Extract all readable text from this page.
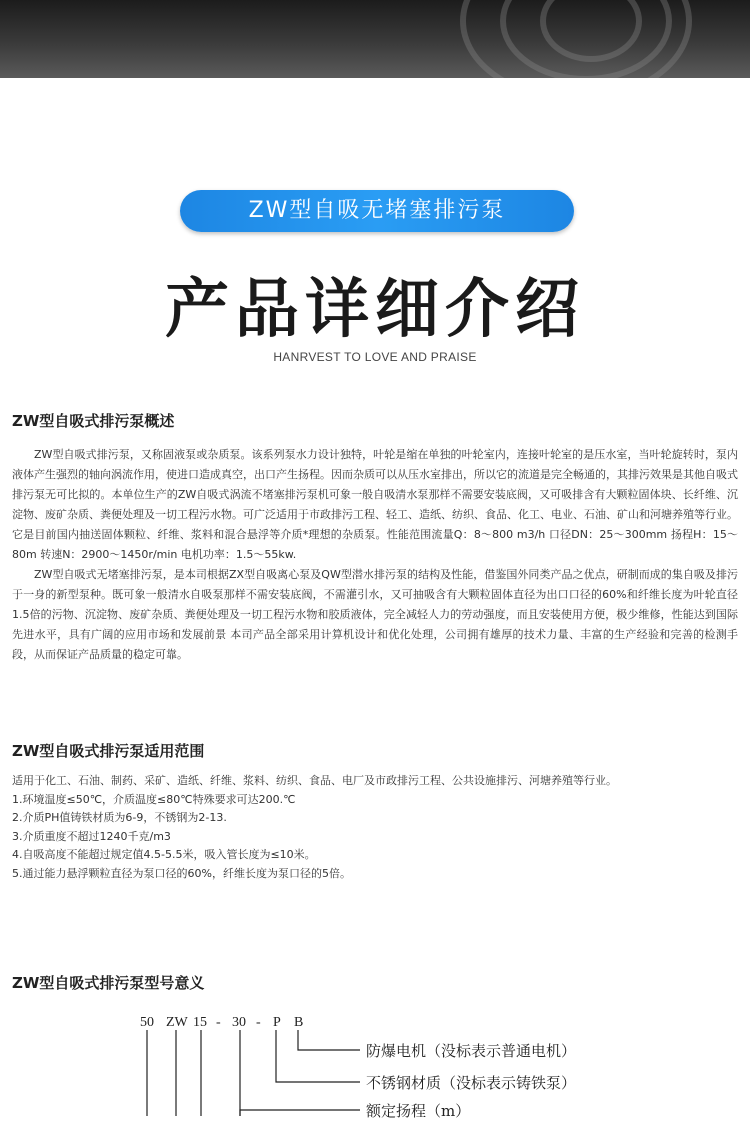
ZW型自吸无堵塞排污泵
产品详细介绍
HANRVEST TO LOVE AND PRAISE
ZW型自吸式排污泵概述

ZW型自吸式排污泵，又称固液泵或杂质泵。该系列泵水力设计独特，叶轮是缩在单独的叶轮室内，连接叶轮室的是压水室，当叶轮旋转时，泵内液体产生强烈的轴向涡流作用，使进口造成真空，出口产生扬程。因而杂质可以从压水室排出，所以它的流道是完全畅通的，其排污效果是其他自吸式排污泵无可比拟的。本单位生产的ZW自吸式涡流不堵塞排污泵机可象一般自吸清水泵那样不需要安装底阀，又可吸排含有大颗粒固体块、长纤维、沉淀物、废矿杂质、粪便处理及一切工程污水物。可广泛适用于市政排污工程、轻工、造纸、纺织、食品、化工、电业、石油、矿山和河塘养殖等行业。它是目前国内抽送固体颗粒、纤维、浆料和混合悬浮等介质*理想的杂质泵。性能范围流量Q：8～800 m3/h 口径DN：25～300mm 扬程H：15～80m 转速N：2900～1450r/min 电机功率：1.5～55kw.

ZW型自吸式无堵塞排污泵，是本司根据ZX型自吸离心泵及QW型潜水排污泵的结构及性能，借鉴国外同类产品之优点，研制而成的集自吸及排污于一身的新型泵种。既可象一般清水自吸泵那样不需安装底阀，不需灌引水，又可抽吸含有大颗粒固体直径为出口口径的60%和纤维长度为叶轮直径1.5倍的污物、沉淀物、废矿杂质、粪便处理及一切工程污水物和胶质液体，完全减轻人力的劳动强度，而且安装使用方便，极少维修，性能达到国际先进水平，具有广阔的应用市场和发展前景 本司产品全部采用计算机设计和优化处理，公司拥有雄厚的技术力量、丰富的生产经验和完善的检测手段，从而保证产品质量的稳定可靠。

ZW型自吸式排污泵适用范围
适用于化工、石油、制药、采矿、造纸、纤维、浆料、纺织、食品、电厂及市政排污工程、公共设施排污、河塘养殖等行业。
1.环境温度≤50℃，介质温度≤80℃特殊要求可达200.℃
2.介质PH值铸铁材质为6-9，不锈钢为2-13.
3.介质重度不超过1240千克/m3
4.自吸高度不能超过规定值4.5-5.5米，吸入管长度为≤10米。
5.通过能力悬浮颗粒直径为泵口径的60%，纤维长度为泵口径的5倍。
ZW型自吸式排污泵型号意义
50 ZW 15 - 30 - P B
防爆电机（没标表示普通电机）
不锈钢材质（没标表示铸铁泵）
额定扬程（m）
